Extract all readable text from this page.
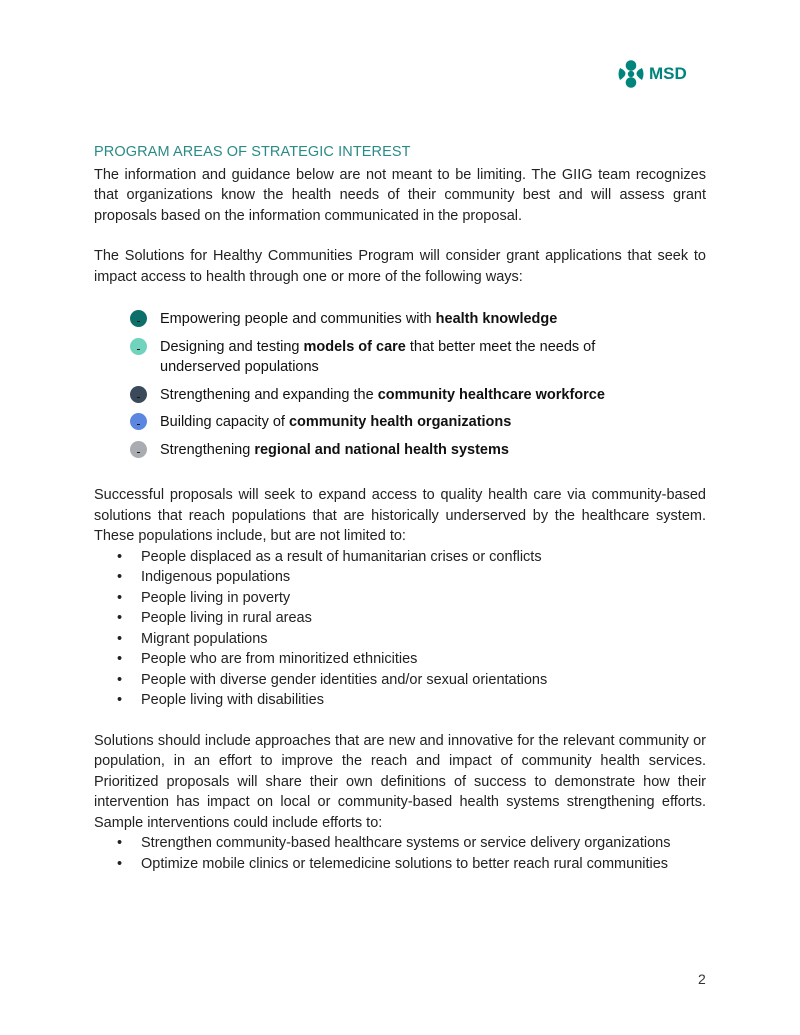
MSD

PROGRAM AREAS OF STRATEGIC INTEREST

The information and guidance below are not meant to be limiting. The GIIG team recognizes that organizations know the health needs of their community best and will assess grant proposals based on the information communicated in the proposal.

The Solutions for Healthy Communities Program will consider grant applications that seek to impact access to health through one or more of the following ways:

Empowering people and communities with health knowledge
Designing and testing models of care that better meet the needs of underserved populations
Strengthening and expanding the community healthcare workforce
Building capacity of community health organizations
Strengthening regional and national health systems

Successful proposals will seek to expand access to quality health care via community-based solutions that reach populations that are historically underserved by the healthcare system. These populations include, but are not limited to:

• People displaced as a result of humanitarian crises or conflicts
• Indigenous populations
• People living in poverty
• People living in rural areas
• Migrant populations
• People who are from minoritized ethnicities
• People with diverse gender identities and/or sexual orientations
• People living with disabilities

Solutions should include approaches that are new and innovative for the relevant community or population, in an effort to improve the reach and impact of community health services. Prioritized proposals will share their own definitions of success to demonstrate how their intervention has impact on local or community-based health systems strengthening efforts. Sample interventions could include efforts to:

• Strengthen community-based healthcare systems or service delivery organizations
• Optimize mobile clinics or telemedicine solutions to better reach rural communities
2
